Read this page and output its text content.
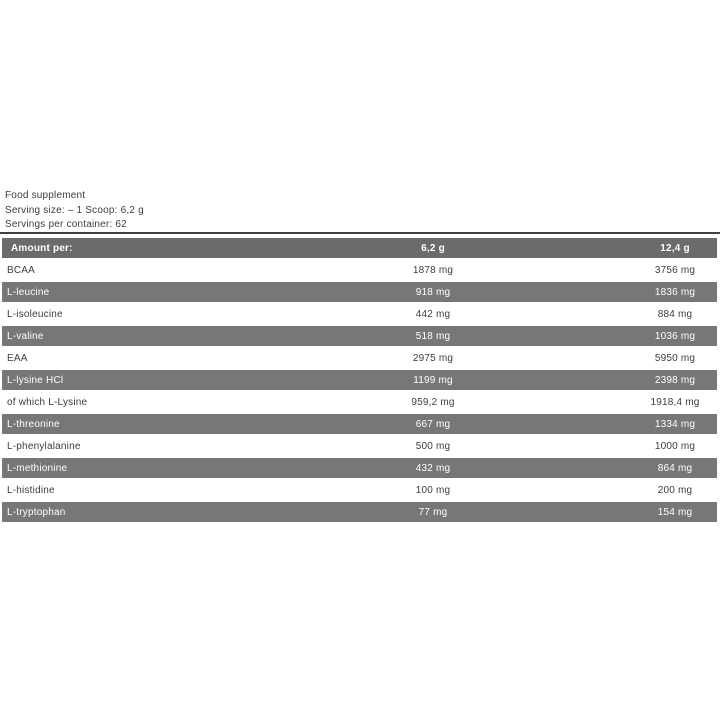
Food supplement
Serving size: – 1 Scoop: 6,2 g
Servings per container: 62
Amount per:	6,2 g	12,4 g
BCAA	1878 mg	3756 mg
L-leucine	918 mg	1836 mg
L-isoleucine	442 mg	884 mg
L-valine	518 mg	1036 mg
EAA	2975 mg	5950 mg
L-lysine HCl	1199 mg	2398 mg
of which L-Lysine	959,2 mg	1918,4 mg
L-threonine	667 mg	1334 mg
L-phenylalanine	500 mg	1000 mg
L-methionine	432 mg	864 mg
L-histidine	100 mg	200 mg
L-tryptophan	77 mg	154 mg
